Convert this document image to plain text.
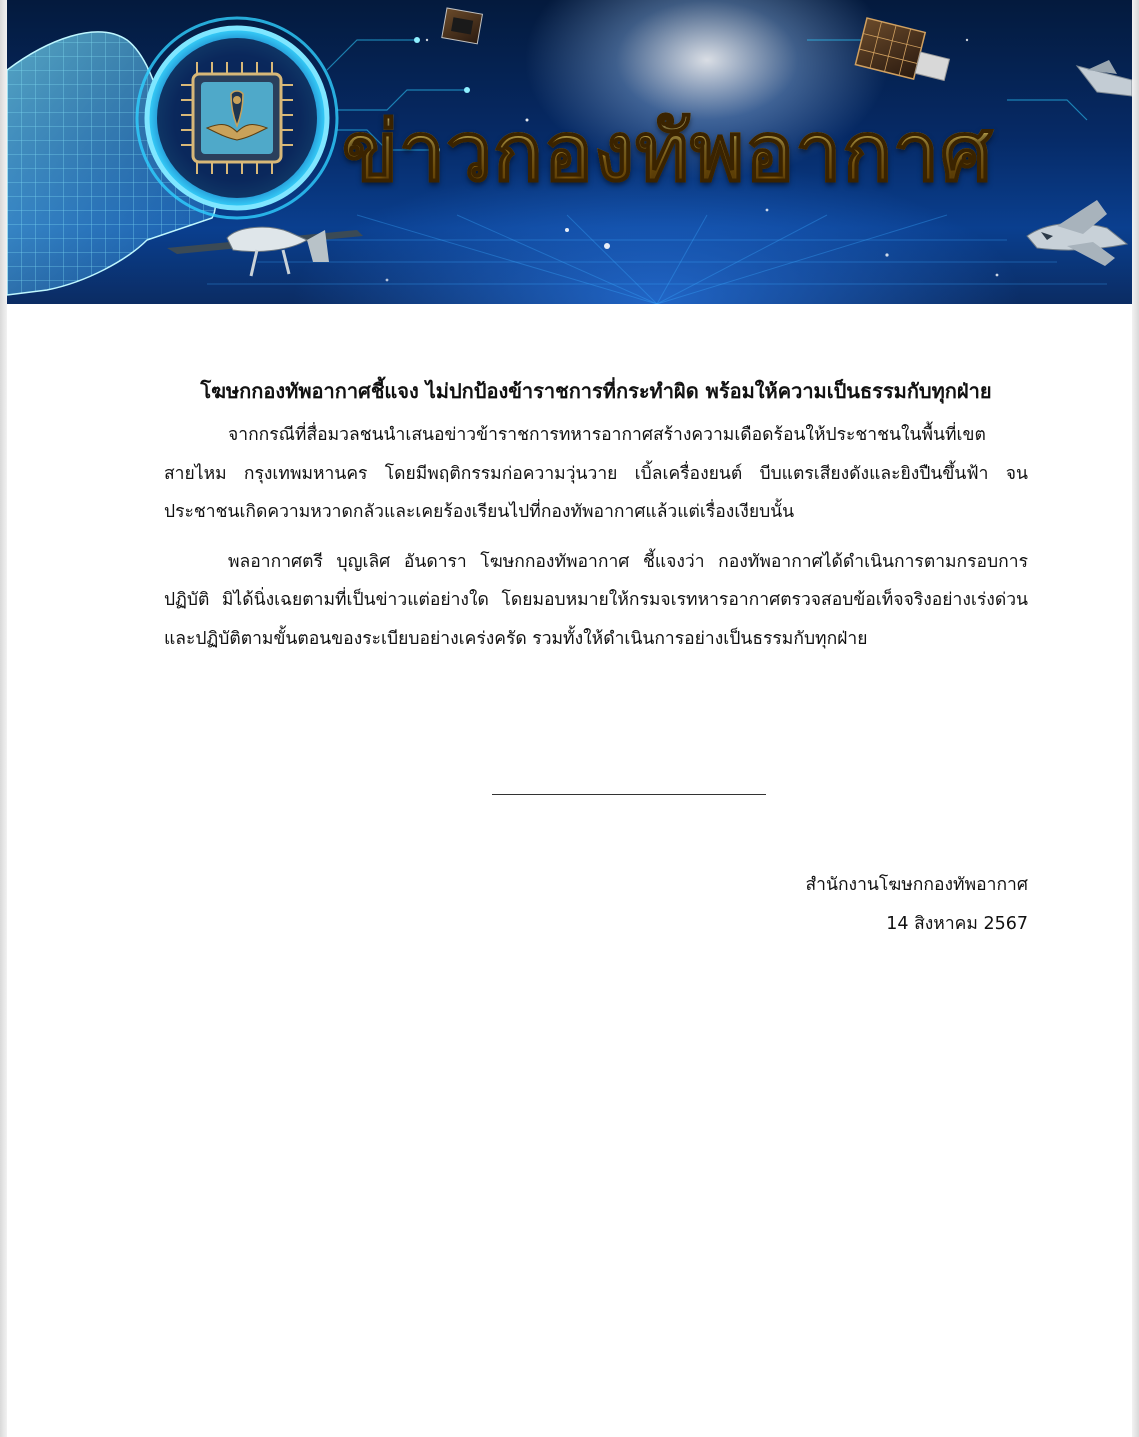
ข่าวกองทัพอากาศ
โฆษกกองทัพอากาศชี้แจง ไม่ปกป้องข้าราชการที่กระทำผิด พร้อมให้ความเป็นธรรมกับทุกฝ่าย

จากกรณีที่สื่อมวลชนนำเสนอข่าวข้าราชการทหารอากาศสร้างความเดือดร้อนให้ประชาชนในพื้นที่เขตสายไหม กรุงเทพมหานคร โดยมีพฤติกรรมก่อความวุ่นวาย เบิ้ลเครื่องยนต์ บีบแตรเสียงดังและยิงปืนขึ้นฟ้า จนประชาชนเกิดความหวาดกลัวและเคยร้องเรียนไปที่กองทัพอากาศแล้วแต่เรื่องเงียบนั้น

พลอากาศตรี บุญเลิศ อันดารา โฆษกกองทัพอากาศ ชี้แจงว่า กองทัพอากาศได้ดำเนินการตามกรอบการปฏิบัติ มิได้นิ่งเฉยตามที่เป็นข่าวแต่อย่างใด โดยมอบหมายให้กรมจเรทหารอากาศตรวจสอบข้อเท็จจริงอย่างเร่งด่วนและปฏิบัติตามขั้นตอนของระเบียบอย่างเคร่งครัด รวมทั้งให้ดำเนินการอย่างเป็นธรรมกับทุกฝ่าย

สำนักงานโฆษกกองทัพอากาศ
14 สิงหาคม 2567
